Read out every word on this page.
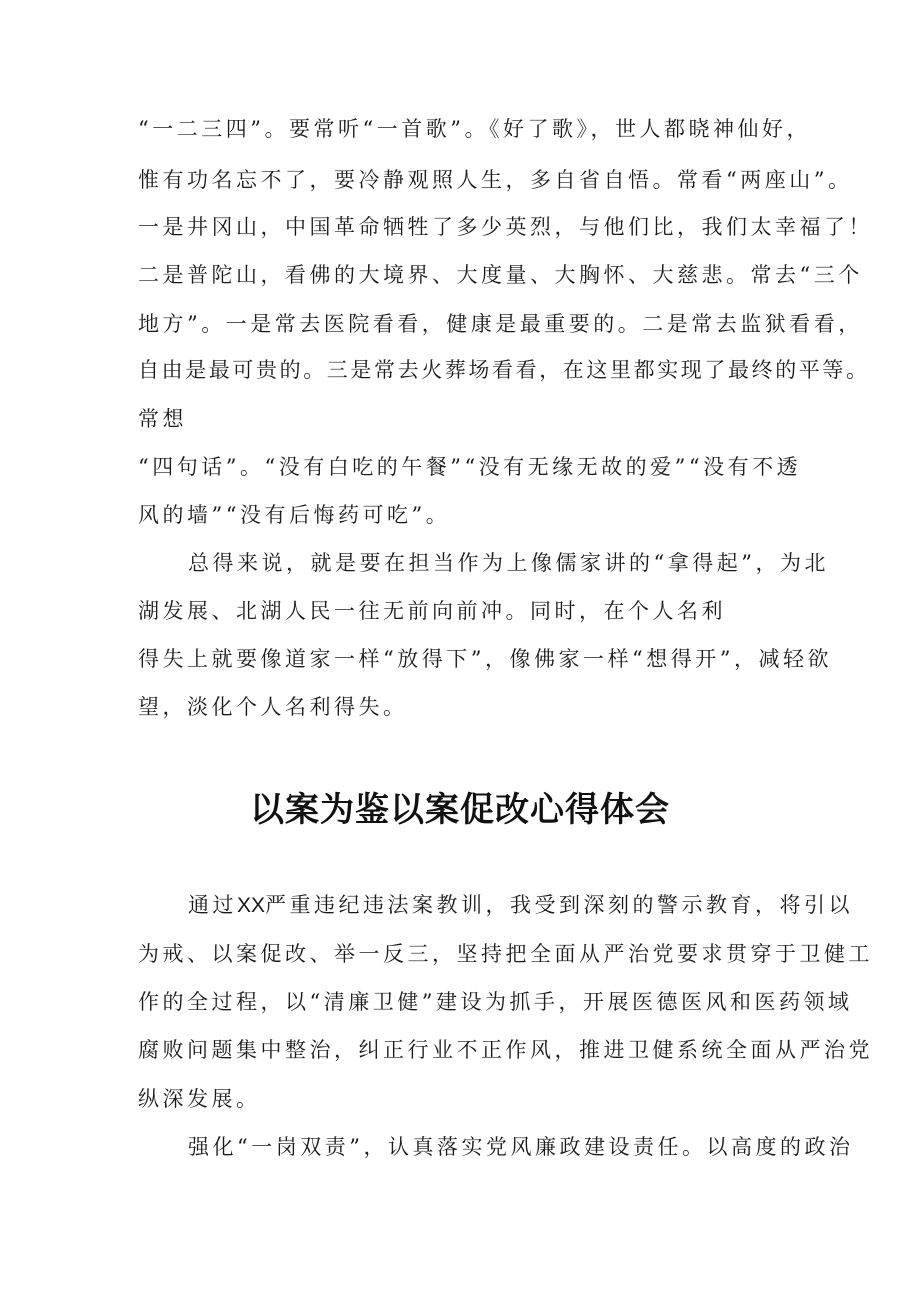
“一二三四”。要常听“一首歌”。《好了歌》，世人都晓神仙好，

惟有功名忘不了，要冷静观照人生，多自省自悟。常看“两座山”。

一是井冈山，中国革命牺牲了多少英烈，与他们比，我们太幸福了！

二是普陀山，看佛的大境界、大度量、大胸怀、大慈悲。常去“三个

地方”。一是常去医院看看，健康是最重要的。二是常去监狱看看，

自由是最可贵的。三是常去火葬场看看，在这里都实现了最终的平等。

常想

“四句话”。“没有白吃的午餐”“没有无缘无故的爱”“没有不透

风的墙”“没有后悔药可吃”。

总得来说，就是要在担当作为上像儒家讲的“拿得起”，为北

湖发展、北湖人民一往无前向前冲。同时，在个人名利

得失上就要像道家一样“放得下”，像佛家一样“想得开”，减轻欲

望，淡化个人名利得失。

以案为鉴以案促改心得体会

通过XX严重违纪违法案教训，我受到深刻的警示教育，将引以

为戒、以案促改、举一反三，坚持把全面从严治党要求贯穿于卫健工

作的全过程，以“清廉卫健”建设为抓手，开展医德医风和医药领域

腐败问题集中整治，纠正行业不正作风，推进卫健系统全面从严治党

纵深发展。

强化“一岗双责”，认真落实党风廉政建设责任。以高度的政治
